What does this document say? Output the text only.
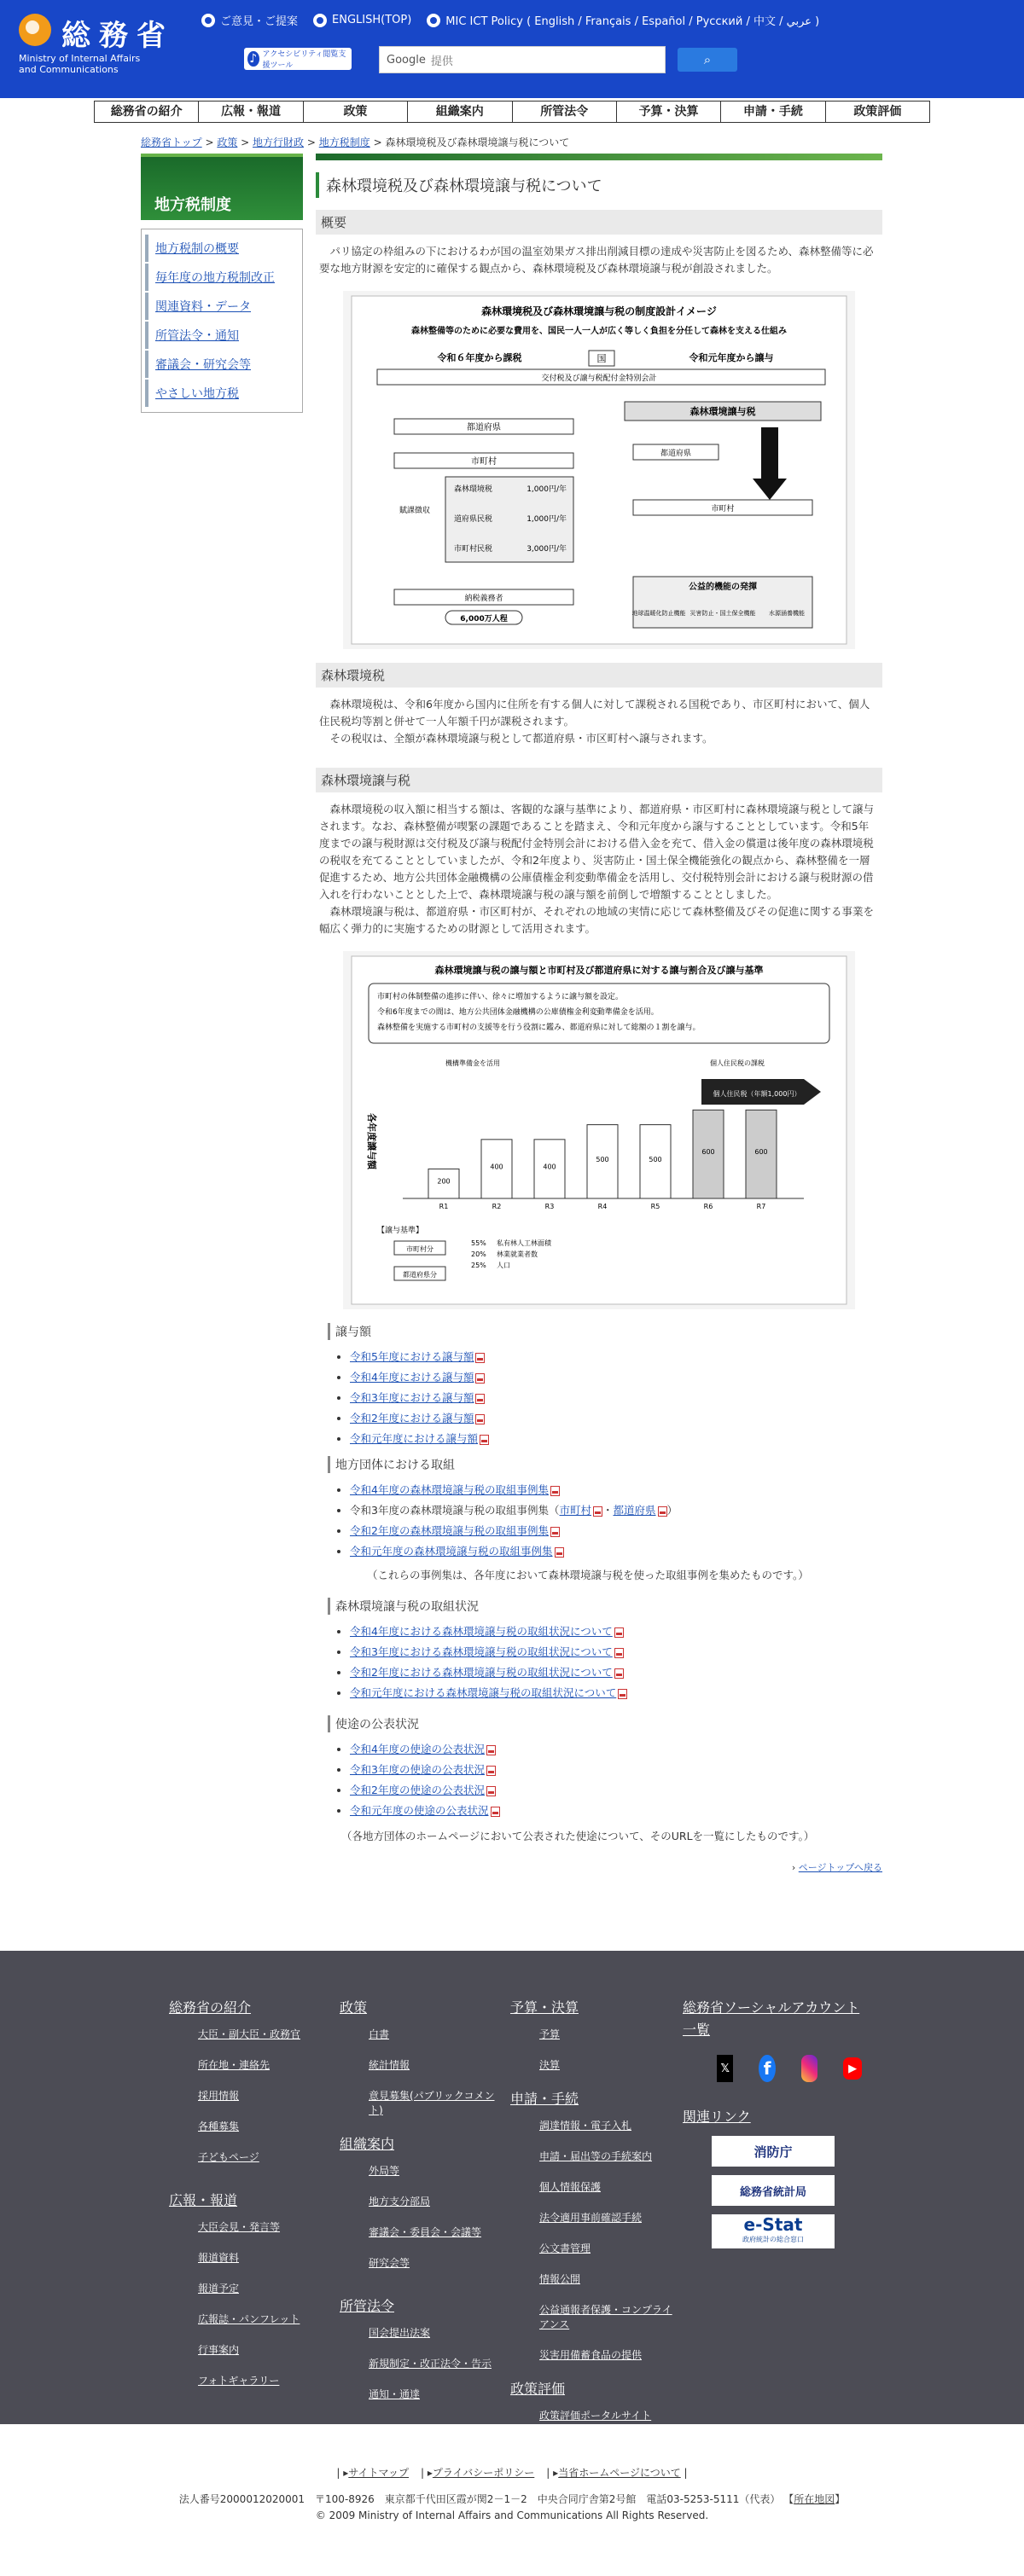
総務省
Ministry of Internal Affairs
and Communications
ご意見・ご提案	ENGLISH(TOP)	MIC ICT Policy ( English / Français / Español / Русский / 中文 / عربي )
♪ アクセシビリティ閲覧支援ツール	Google 提供	⌕
総務省の紹介	広報・報道	政策	組織案内	所管法令	予算・決算	申請・手続	政策評価
総務省トップ > 政策 > 地方行財政 > 地方税制度 > 森林環境税及び森林環境譲与税について
地方税制度
地方税制の概要
毎年度の地方税制改正
関連資料・データ
所管法令・通知
審議会・研究会等
やさしい地方税
森林環境税及び森林環境譲与税について
概要

パリ協定の枠組みの下におけるわが国の温室効果ガス排出削減目標の達成や災害防止を図るため、森林整備等に必要な地方財源を安定的に確保する観点から、森林環境税及び森林環境譲与税が創設されました。

森林環境税及び森林環境譲与税の制度設計イメージ
森林整備等のために必要な費用を、国民一人一人が広く等しく負担を分任して森林を支える仕組み
令和６年度から課税	令和元年度から譲与
国
交付税及び譲与税配付金特別会計
都道府県
市町村
森林環境税	1,000円/年
道府県民税	1,000円/年
市町村民税	3,000円/年
賦課徴収
納税義務者
6,000万人程
森林環境譲与税
都道府県
市町村
公益的機能の発揮
地球温暖化防止機能 災害防止・国土保全機能 水源涵養機能
森林環境税

森林環境税は、令和6年度から国内に住所を有する個人に対して課税される国税であり、市区町村において、個人住民税均等割と併せて一人年額千円が課税されます。

その税収は、全額が森林環境譲与税として都道府県・市区町村へ譲与されます。

森林環境譲与税

森林環境税の収入額に相当する額は、客観的な譲与基準により、都道府県・市区町村に森林環境譲与税として譲与されます。なお、森林整備が喫緊の課題であることを踏まえ、令和元年度から譲与することとしています。令和5年度までの譲与税財源は交付税及び譲与税配付金特別会計における借入金を充て、借入金の償還は後年度の森林環境税の税収を充てることとしていましたが、令和2年度より、災害防止・国土保全機能強化の観点から、森林整備を一層促進するため、地方公共団体金融機構の公庫債権金利変動準備金を活用し、交付税特別会計における譲与税財源の借入れを行わないこととした上で、森林環境譲与税の譲与額を前倒しで増額することとしました。

森林環境譲与税は、都道府県・市区町村が、それぞれの地域の実情に応じて森林整備及びその促進に関する事業を幅広く弾力的に実施するための財源として活用されます。

森林環境譲与税の譲与額と市町村及び都道府県に対する譲与割合及び譲与基準
市町村の体制整備の進捗に伴い、徐々に増加するように譲与額を設定。
令和6年度までの間は、地方公共団体金融機構の公庫債権金利変動準備金を活用。
森林整備を実施する市町村の支援等を行う役割に鑑み、都道府県に対して総額の１割を譲与。
各年度譲与額
機構準備金を活用	個人住民税の課税
個人住民税（年額1,000円）
200
R1
400
R2
400
R3
500
R4
500
R5
600
R6
600
R7
【譲与基準】
市町村分
都道府県分
55% 私有林人工林面積
20% 林業就業者数
25% 人口
譲与額
• 令和5年度における譲与額
• 令和4年度における譲与額
• 令和3年度における譲与額
• 令和2年度における譲与額
• 令和元年度における譲与額
地方団体における取組
• 令和4年度の森林環境譲与税の取組事例集
• 令和3年度の森林環境譲与税の取組事例集（市町村 ・都道府県 ）
• 令和2年度の森林環境譲与税の取組事例集
• 令和元年度の森林環境譲与税の取組事例集

（これらの事例集は、各年度において森林環境譲与税を使った取組事例を集めたものです。）

森林環境譲与税の取組状況
• 令和4年度における森林環境譲与税の取組状況について
• 令和3年度における森林環境譲与税の取組状況について
• 令和2年度における森林環境譲与税の取組状況について
• 令和元年度における森林環境譲与税の取組状況について
使途の公表状況
• 令和4年度の使途の公表状況
• 令和3年度の使途の公表状況
• 令和2年度の使途の公表状況
• 令和元年度の使途の公表状況

（各地方団体のホームページにおいて公表された使途について、そのURLを一覧にしたものです。）

› ページトップへ戻る
総務省の紹介
大臣・副大臣・政務官
所在地・連絡先
採用情報
各種募集
子どもページ
広報・報道
大臣会見・発言等
報道資料
報道予定
広報誌・パンフレット
行事案内
フォトギャラリー
政策
白書
統計情報
意見募集(パブリックコメント)
組織案内
外局等
地方支分部局
審議会・委員会・会議等
研究会等
所管法令
国会提出法案
新規制定・改正法令・告示
通知・通達
予算・決算
予算
決算
申請・手続
調達情報・電子入札
申請・届出等の手続案内
個人情報保護
法令適用事前確認手続
公文書管理
情報公開
公益通報者保護・コンプライアンス
災害用備蓄食品の提供
政策評価
政策評価ポータルサイト
総務省ソーシャルアカウント一覧
𝕏 f	▶
関連リンク
消防庁
総務省統計局
e-Stat
政府統計の総合窓口
| ▸サイトマップ | ▸プライバシーポリシー | ▸当省ホームページについて |
法人番号2000012020001　〒100-8926　東京都千代田区霞が関2－1－2　中央合同庁舎第2号館　電話03-5253-5111（代表） 【所在地図】
© 2009 Ministry of Internal Affairs and Communications All Rights Reserved.
